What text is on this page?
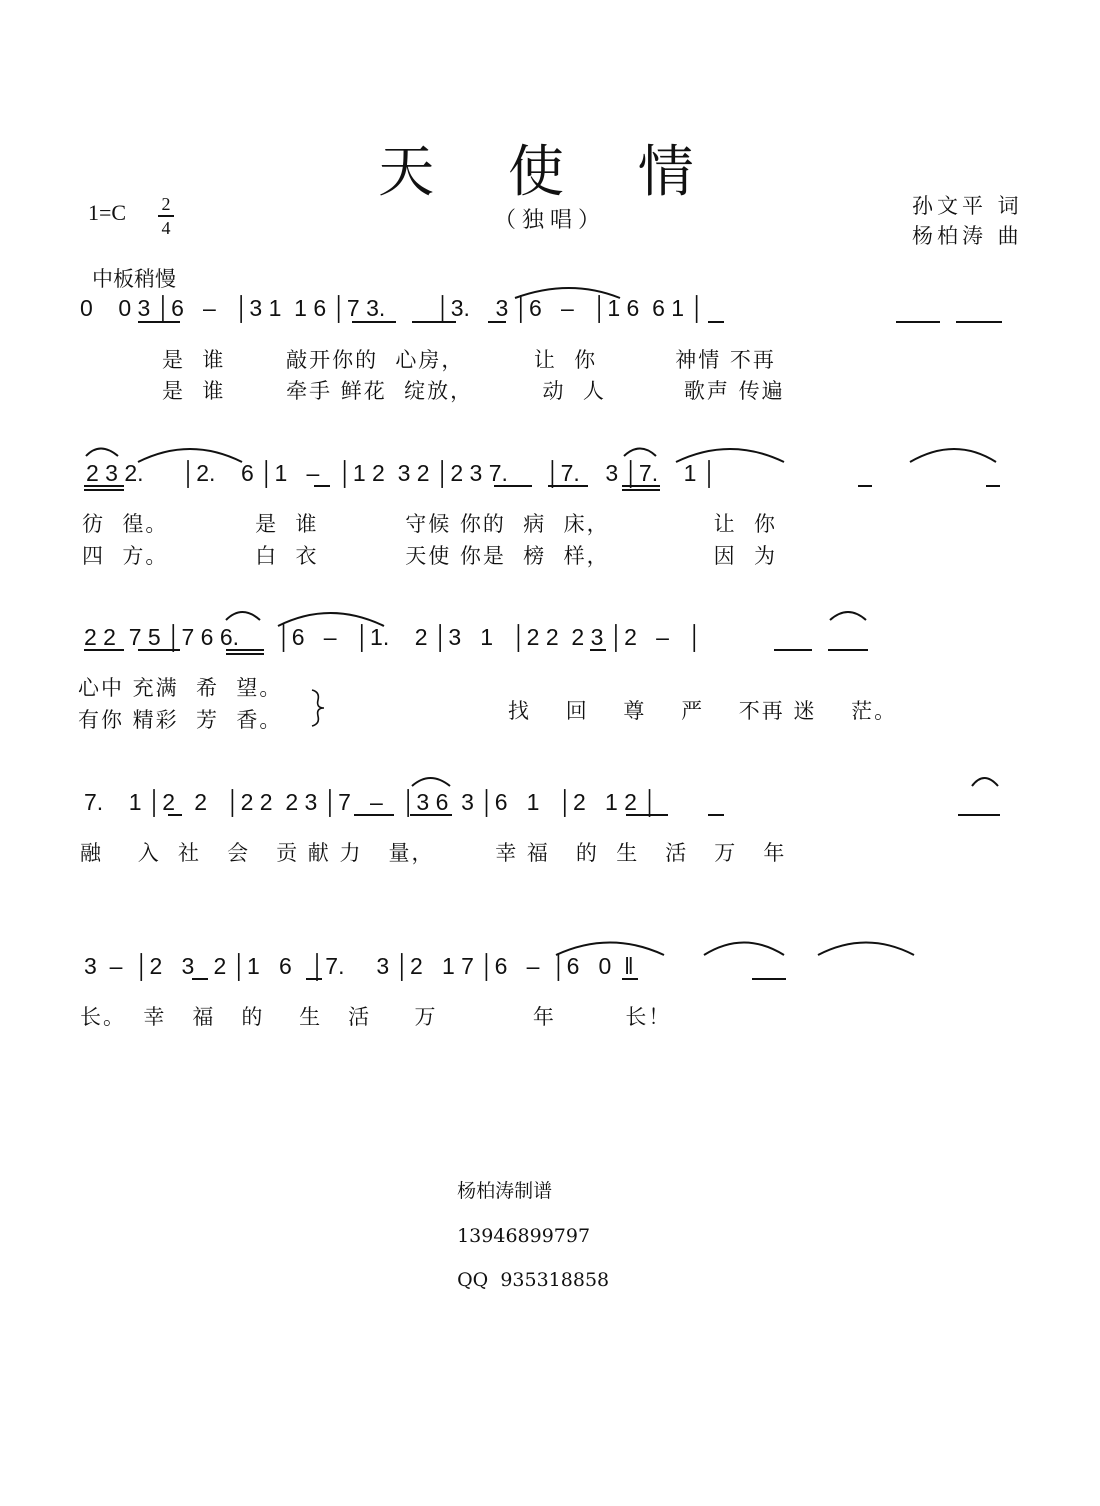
天 使 情
1=C 2
4	（独唱）
孙文平 词
杨柏涛 曲
中板稍慢
0    0 3 │6   –   │3 1  1 6 │7 3.        │3.    3 │6   –   │1 6  6 1 │
是  谁       敲开你的  心房，        让  你         神情 不再
是  谁       牵手 鲜花  绽放，        动  人         歌声 传遍
2 3 2.      │2.    6 │1   –   │1 2  3 2 │2 3 7.      │7.    3 │7.    1 │
彷  徨。          是  谁          守候 你的  病  床，            让  你
四  方。          白  衣          天使 你是  榜  样，            因  为
2 2  7 5 │7 6 6.      │6   –   │1.    2 │3   1   │2 2  2 3 │2   –   │
心中 充满  希  望。
有你 精彩  芳  香。	找    回    尊    严    不再 迷    茫。
7.    1 │2   2   │2 2  2 3 │7   –   │3 6  3 │6   1   │2   1 2 │
融    入  社   会   贡 献 力   量，       幸 福   的  生   活   万   年
3  –  │2   3   2 │1   6   │7.     3 │2   1 7 │6   –  │6   0  ‖
长。  幸   福   的    生   活     万           年        长！

杨柏涛制谱

13946899797

QQ  935318858
